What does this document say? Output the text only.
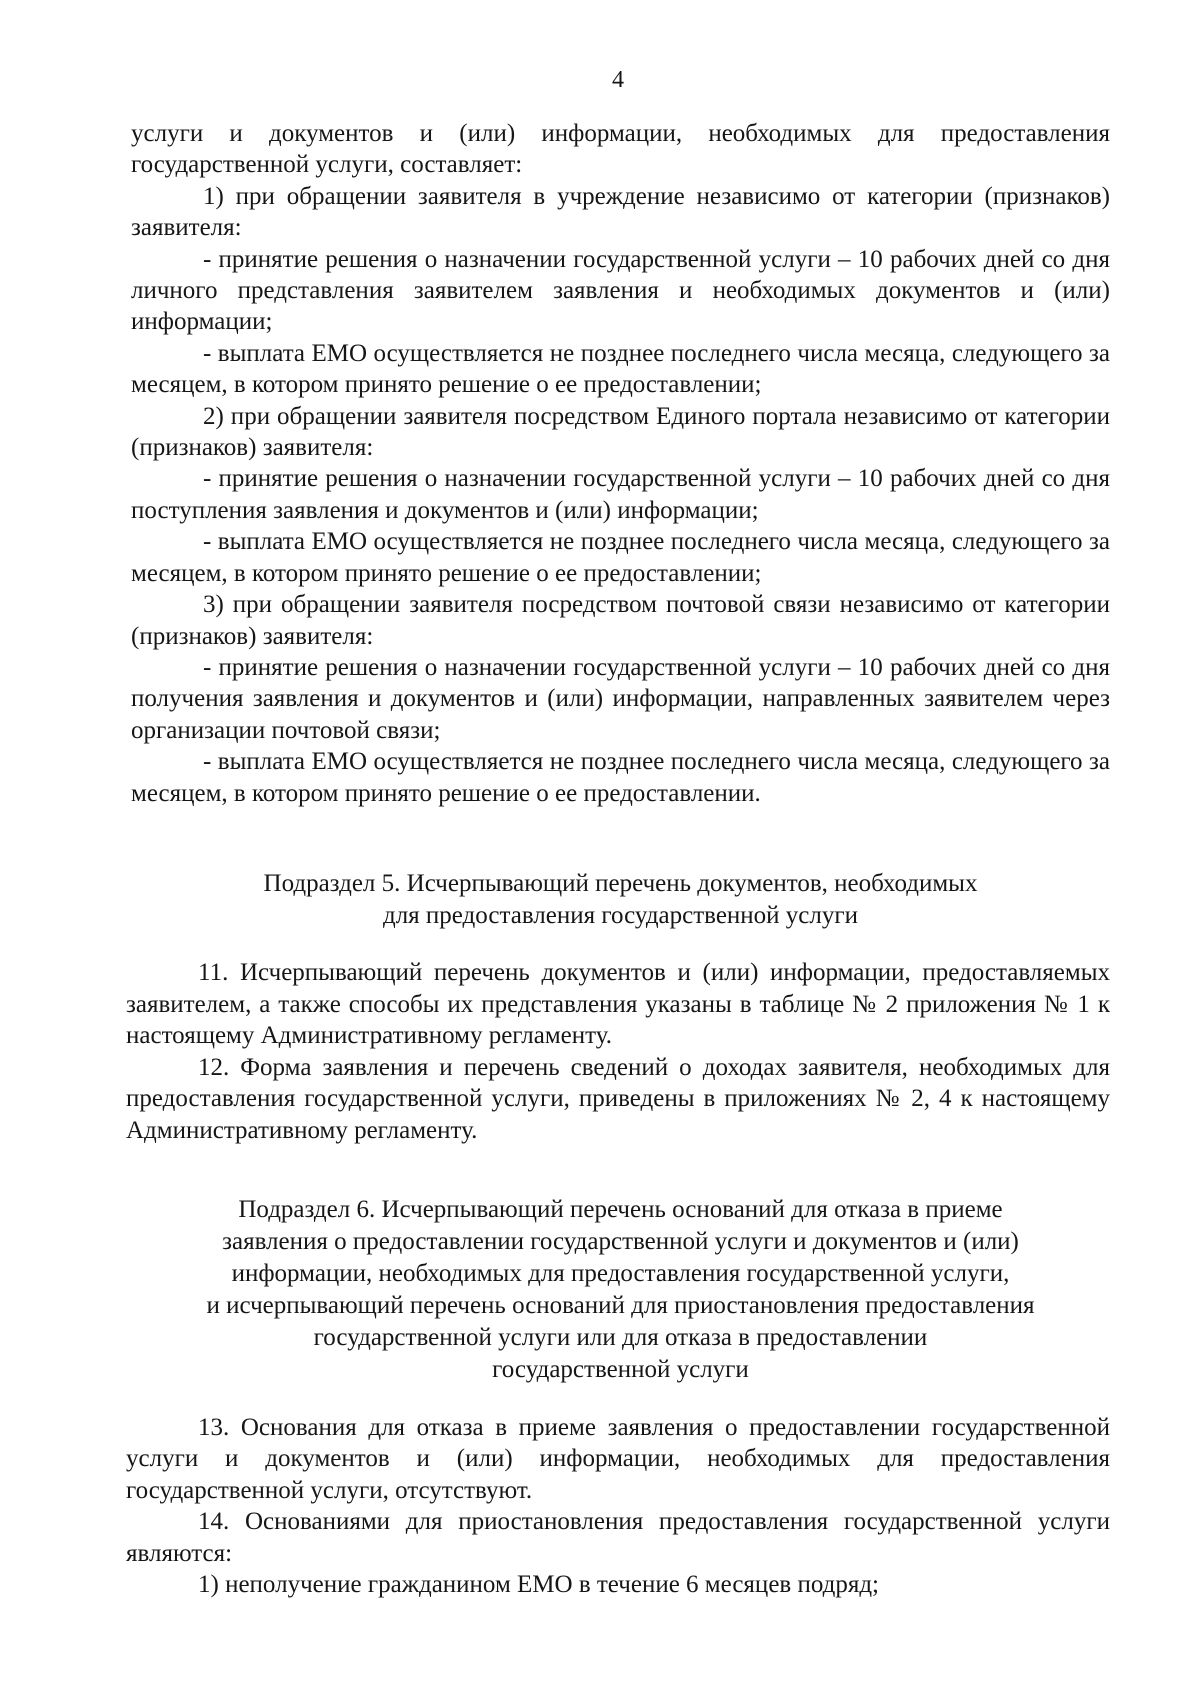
4

услуги и документов и (или) информации, необходимых для предоставления государственной услуги, составляет:

1) при обращении заявителя в учреждение независимо от категории (признаков) заявителя:

- принятие решения о назначении государственной услуги – 10 рабочих дней со дня личного представления заявителем заявления и необходимых документов и (или) информации;

- выплата ЕМО осуществляется не позднее последнего числа месяца, следующего за месяцем, в котором принято решение о ее предоставлении;

2) при обращении заявителя посредством Единого портала независимо от категории (признаков) заявителя:

- принятие решения о назначении государственной услуги – 10 рабочих дней со дня поступления заявления и документов и (или) информации;

- выплата ЕМО осуществляется не позднее последнего числа месяца, следующего за месяцем, в котором принято решение о ее предоставлении;

3) при обращении заявителя посредством почтовой связи независимо от категории (признаков) заявителя:

- принятие решения о назначении государственной услуги – 10 рабочих дней со дня получения заявления и документов и (или) информации, направленных заявителем через организации почтовой связи;

- выплата ЕМО осуществляется не позднее последнего числа месяца, следующего за месяцем, в котором принято решение о ее предоставлении.

Подраздел 5. Исчерпывающий перечень документов, необходимых
для предоставления государственной услуги

11. Исчерпывающий перечень документов и (или) информации, предоставляемых заявителем, а также способы их представления указаны в таблице № 2 приложения № 1 к настоящему Административному регламенту.

12. Форма заявления и перечень сведений о доходах заявителя, необходимых для предоставления государственной услуги, приведены в приложениях № 2, 4 к настоящему Административному регламенту.

Подраздел 6. Исчерпывающий перечень оснований для отказа в приеме
заявления о предоставлении государственной услуги и документов и (или)
информации, необходимых для предоставления государственной услуги,
и исчерпывающий перечень оснований для приостановления предоставления
государственной услуги или для отказа в предоставлении
государственной услуги

13. Основания для отказа в приеме заявления о предоставлении государственной услуги и документов и (или) информации, необходимых для предоставления государственной услуги, отсутствуют.

14. Основаниями для приостановления предоставления государственной услуги являются:

1) неполучение гражданином ЕМО в течение 6 месяцев подряд;
